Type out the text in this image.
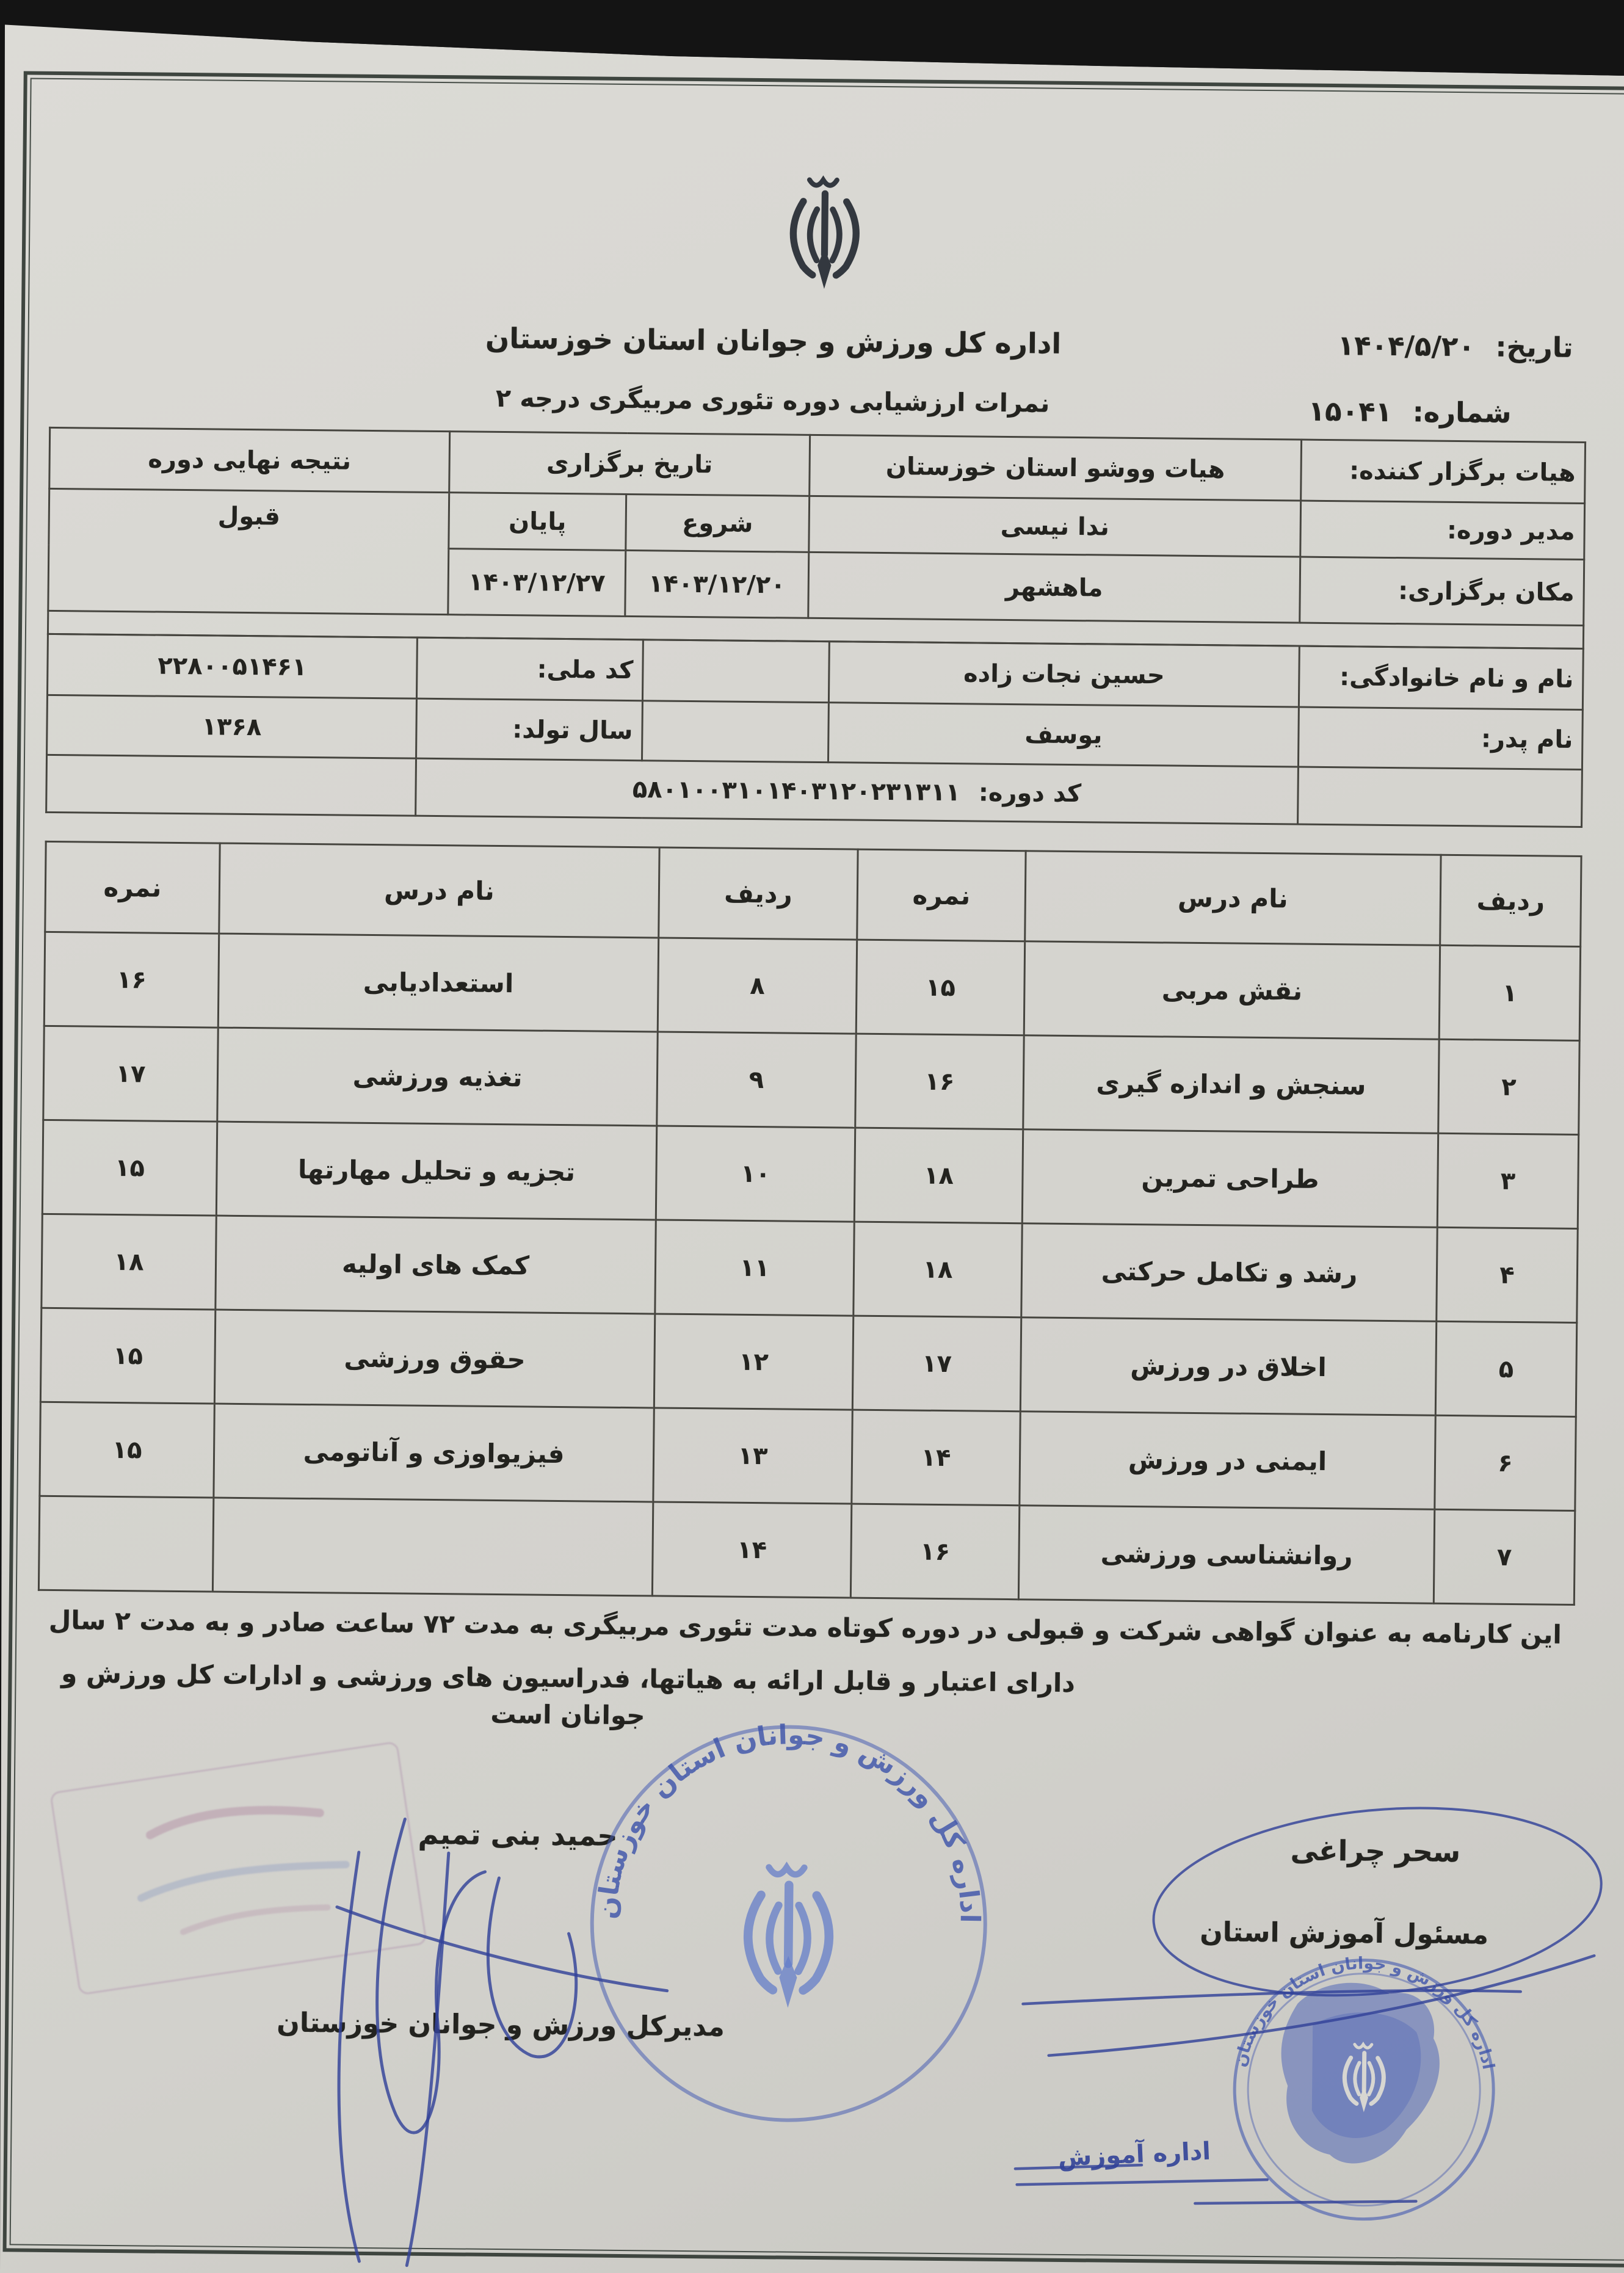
اداره کل ورزش و جوانان استان خوزستان
نمرات ارزشیابی دوره تئوری مربیگری درجه ۲
تاریخ: ۱۴۰۴/۵/۲۰
شماره: ۱۵۰۴۱
هیات برگزار کننده:	هیات ووشو استان خوزستان	تاریخ برگزاری		نتیجه نهایی دوره
مدیر دوره:	ندا نیسی	شروع	پایان	قبول
مکان برگزاری:	ماهشهر	۱۴۰۳/۱۲/۲۰	۱۴۰۳/۱۲/۲۷	

نام و نام خانوادگی:	حسین نجات زاده		کد ملی:	۲۲۸۰۰۵۱۴۶۱
نام پدر:	یوسف		سال تولد:	۱۳۶۸
	کد دوره: ۵۸۰۱۰۰۳۱۰۱۴۰۳۱۲۰۲۳۱۳۱۱			
ردیف	نام درس	نمره	ردیف	نام درس	نمره
۱	نقش مربی	۱۵	۸	استعدادیابی	۱۶
۲	سنجش و اندازه گیری	۱۶	۹	تغذیه ورزشی	۱۷
۳	طراحی تمرین	۱۸	۱۰	تجزیه و تحلیل مهارتها	۱۵
۴	رشد و تکامل حرکتی	۱۸	۱۱	کمک های اولیه	۱۸
۵	اخلاق در ورزش	۱۷	۱۲	حقوق ورزشی	۱۵
۶	ایمنی در ورزش	۱۴	۱۳	فیزیواوزی و آناتومی	۱۵
۷	روانشناسی ورزشی	۱۶	۱۴		
این کارنامه به عنوان گواهی شرکت و قبولی در دوره کوتاه مدت تئوری مربیگری به مدت ۷۲ ساعت صادر و به مدت ۲ سال
دارای اعتبار و قابل ارائه به هیاتها، فدراسیون های ورزشی و ادارات کل ورزش و جوانان است
حمید بنی تمیم
مدیرکل ورزش و جوانان خوزستان
اداره کل ورزش و جوانان استان خوزستان
سحر چراغی
مسئول آموزش استان
اداره کل ورزش و جوانان استان خوزستان
اداره آموزش
